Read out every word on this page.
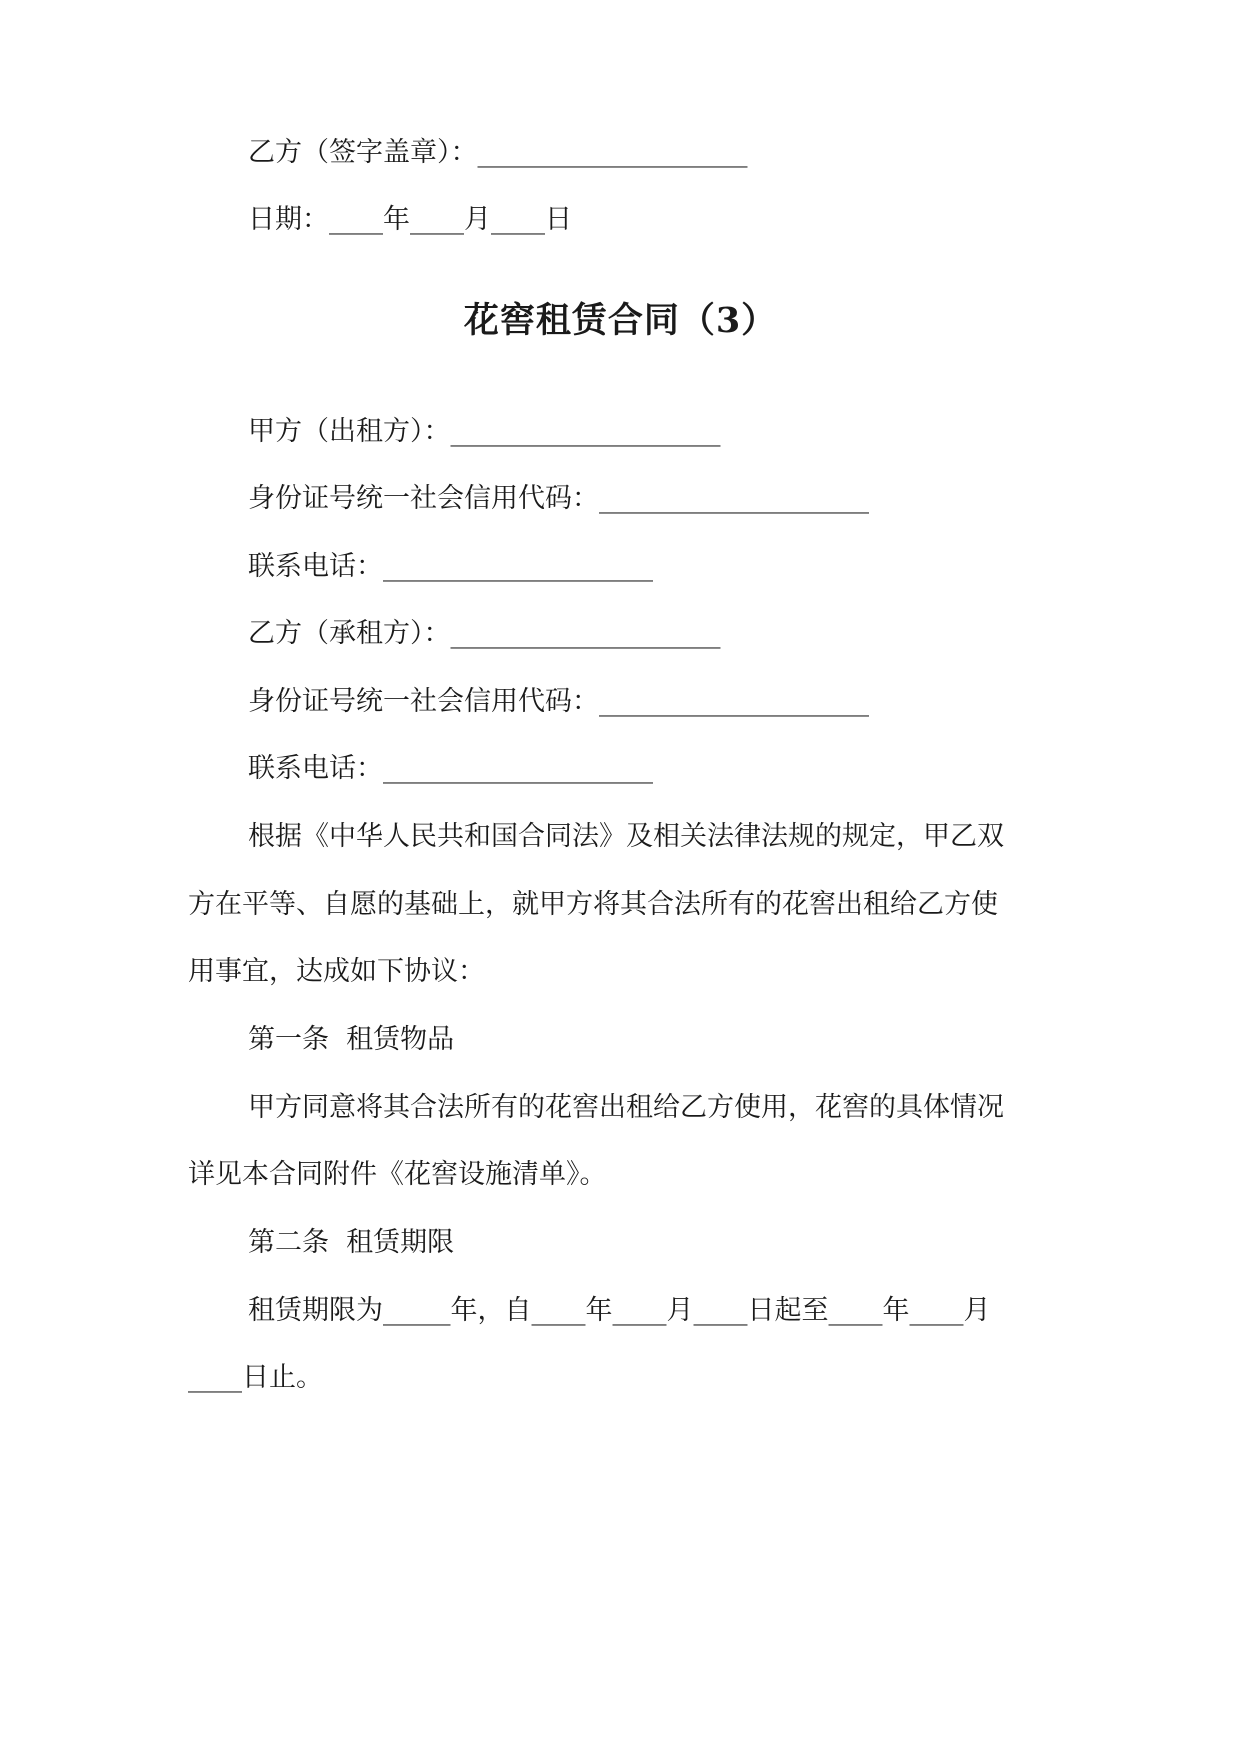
乙方（签字盖章）：____________________
日期：____年____月____日
花窖租赁合同（3）
甲方（出租方）：____________________
身份证号统一社会信用代码：____________________
联系电话：____________________
乙方（承租方）：____________________
身份证号统一社会信用代码：____________________
联系电话：____________________
根据《中华人民共和国合同法》及相关法律法规的规定，甲乙双
方在平等、自愿的基础上，就甲方将其合法所有的花窖出租给乙方使
用事宜，达成如下协议：
第一条  租赁物品
甲方同意将其合法所有的花窖出租给乙方使用，花窖的具体情况
详见本合同附件《花窖设施清单》。
第二条  租赁期限
租赁期限为_____年，自____年____月____日起至____年____月
____日止。
